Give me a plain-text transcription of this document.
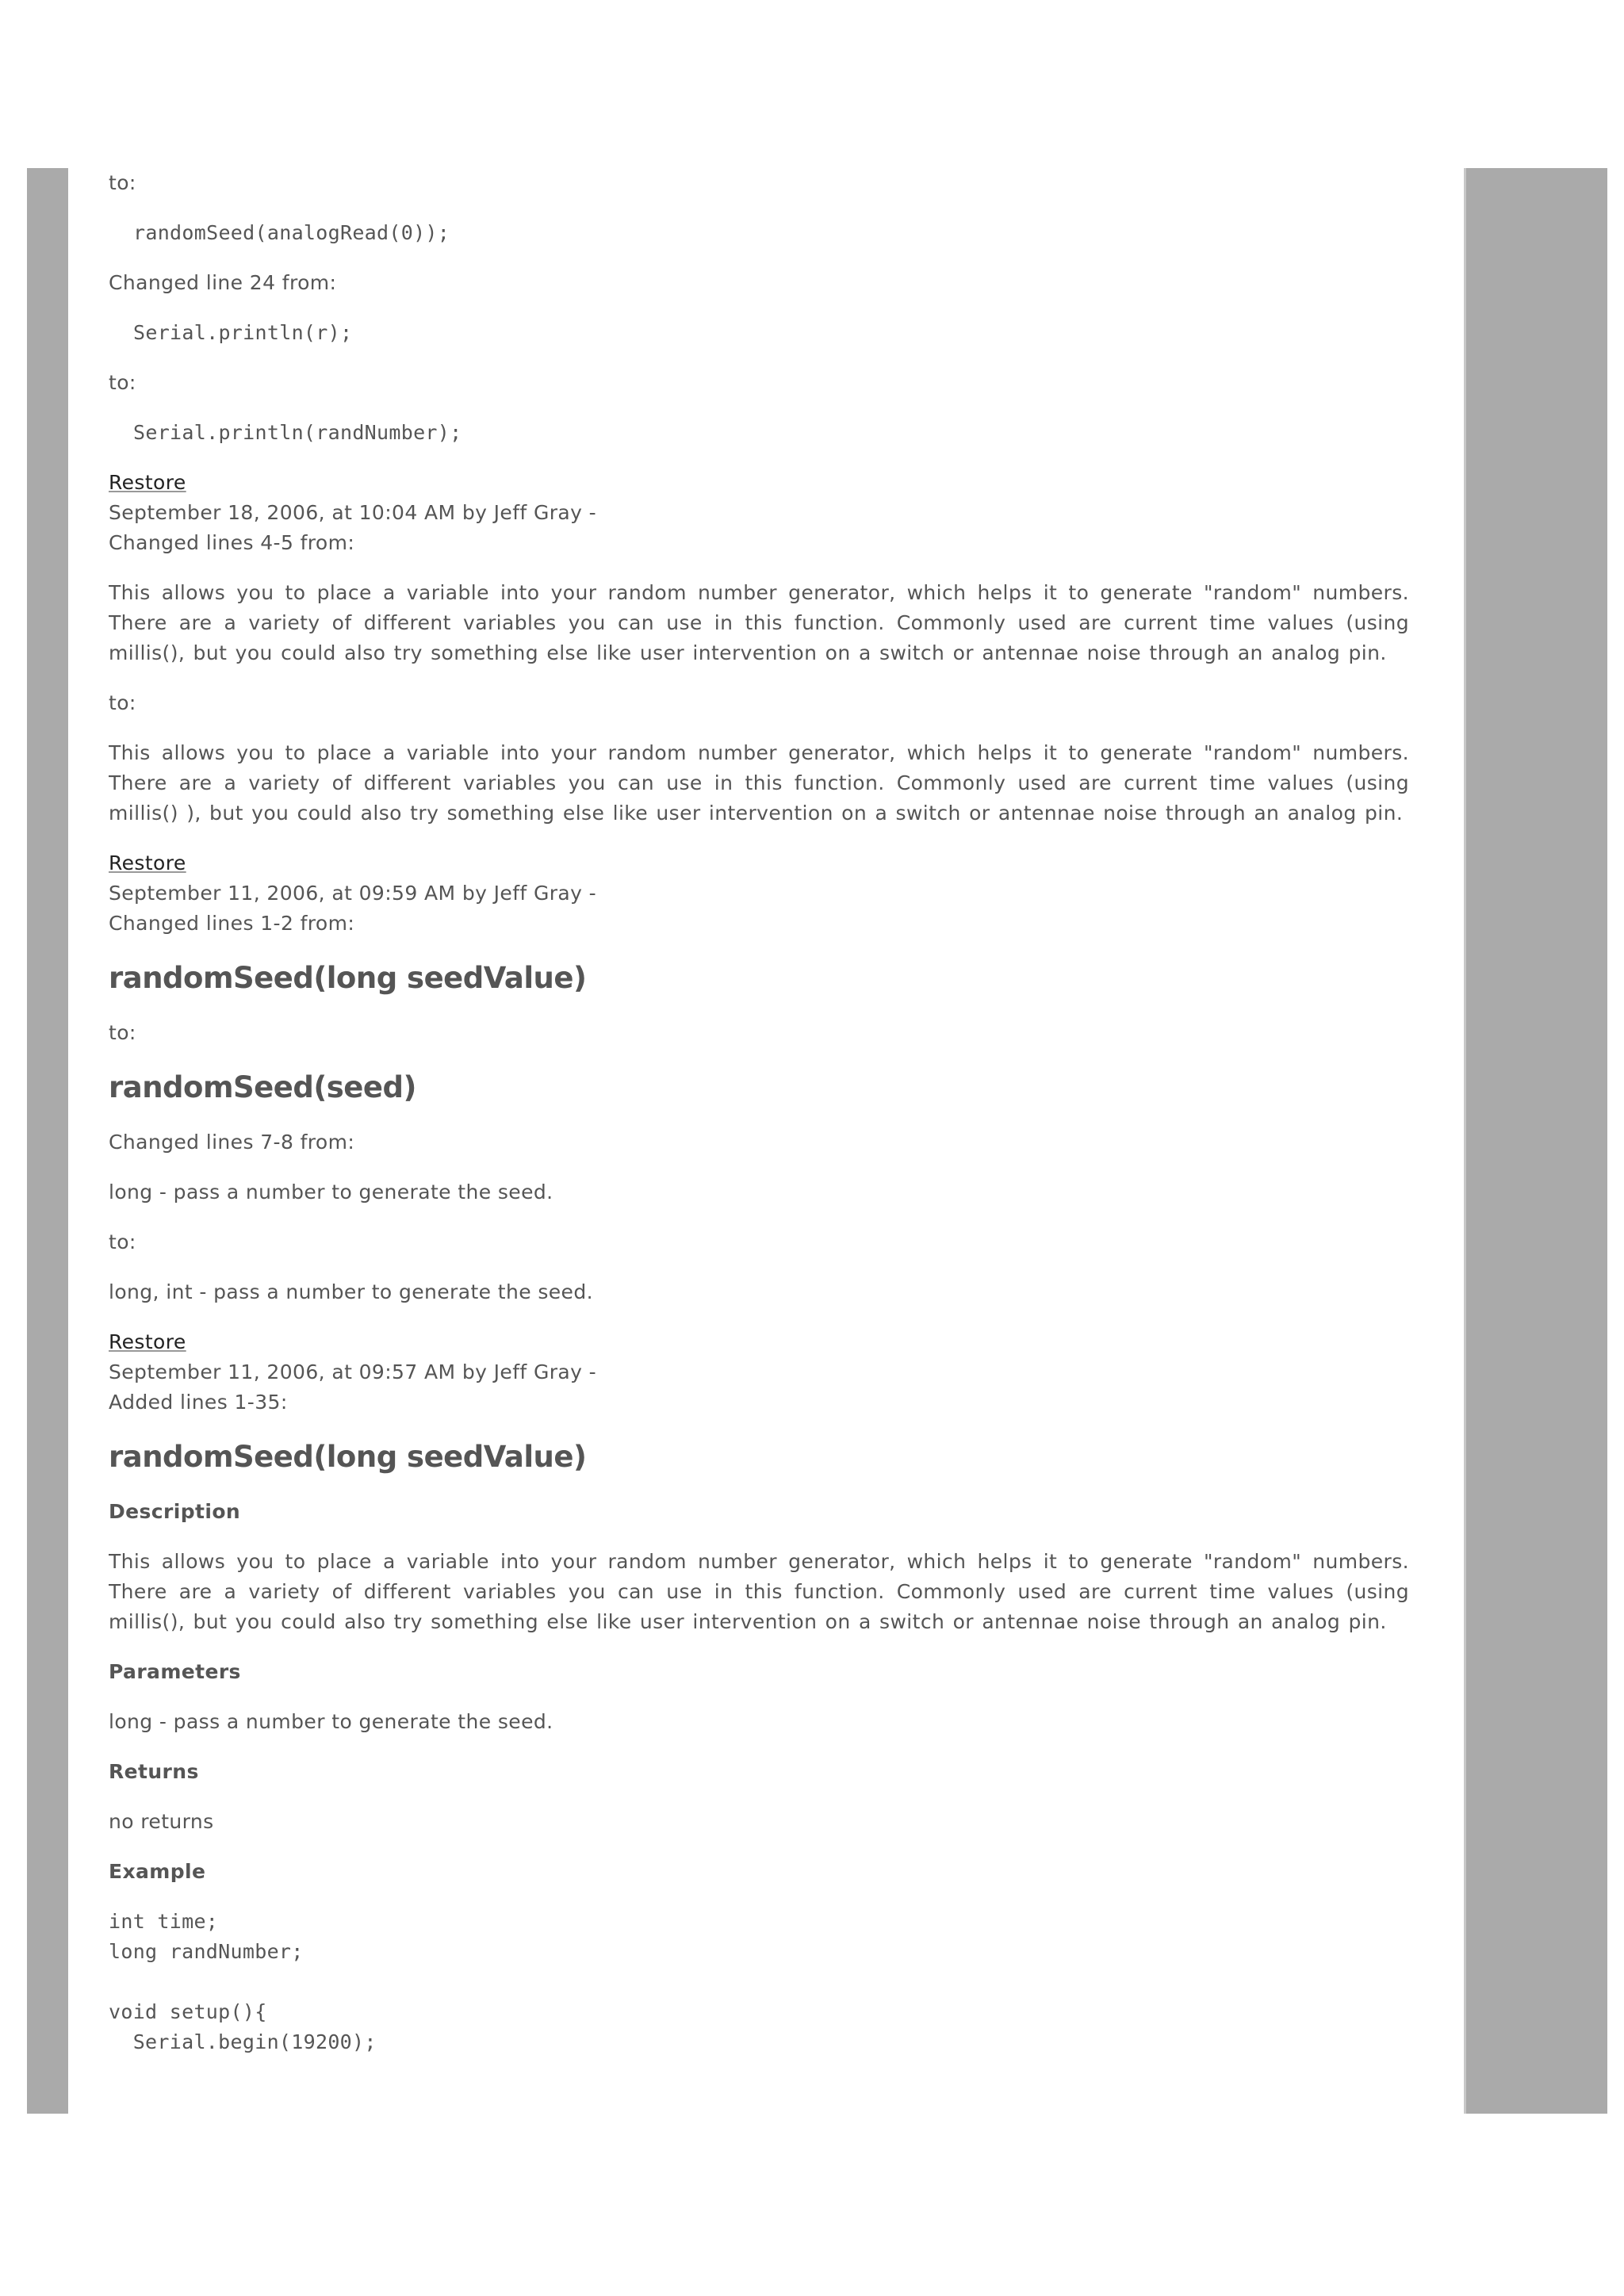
to:

randomSeed(analogRead(0));

Changed line 24 from:

Serial.println(r);

to:

Serial.println(randNumber);

Restore

September 18, 2006, at 10:04 AM by Jeff Gray -

Changed lines 4-5 from:

This allows you to place a variable into your random number generator, which helps it to generate "random" numbers. There are a variety of different variables you can use in this function. Commonly used are current time values (using millis(), but you could also try something else like user intervention on a switch or antennae noise through an analog pin.

to:

This allows you to place a variable into your random number generator, which helps it to generate "random" numbers. There are a variety of different variables you can use in this function. Commonly used are current time values (using millis() ), but you could also try something else like user intervention on a switch or antennae noise through an analog pin.

Restore

September 11, 2006, at 09:59 AM by Jeff Gray -

Changed lines 1-2 from:

randomSeed(long seedValue)

to:

randomSeed(seed)

Changed lines 7-8 from:

long - pass a number to generate the seed.

to:

long, int - pass a number to generate the seed.

Restore

September 11, 2006, at 09:57 AM by Jeff Gray -

Added lines 1-35:

randomSeed(long seedValue)
Description

This allows you to place a variable into your random number generator, which helps it to generate "random" numbers. There are a variety of different variables you can use in this function. Commonly used are current time values (using millis(), but you could also try something else like user intervention on a switch or antennae noise through an analog pin.

Parameters

long - pass a number to generate the seed.

Returns

no returns

Example

int time;
long randNumber;

void setup(){
Serial.begin(19200);
